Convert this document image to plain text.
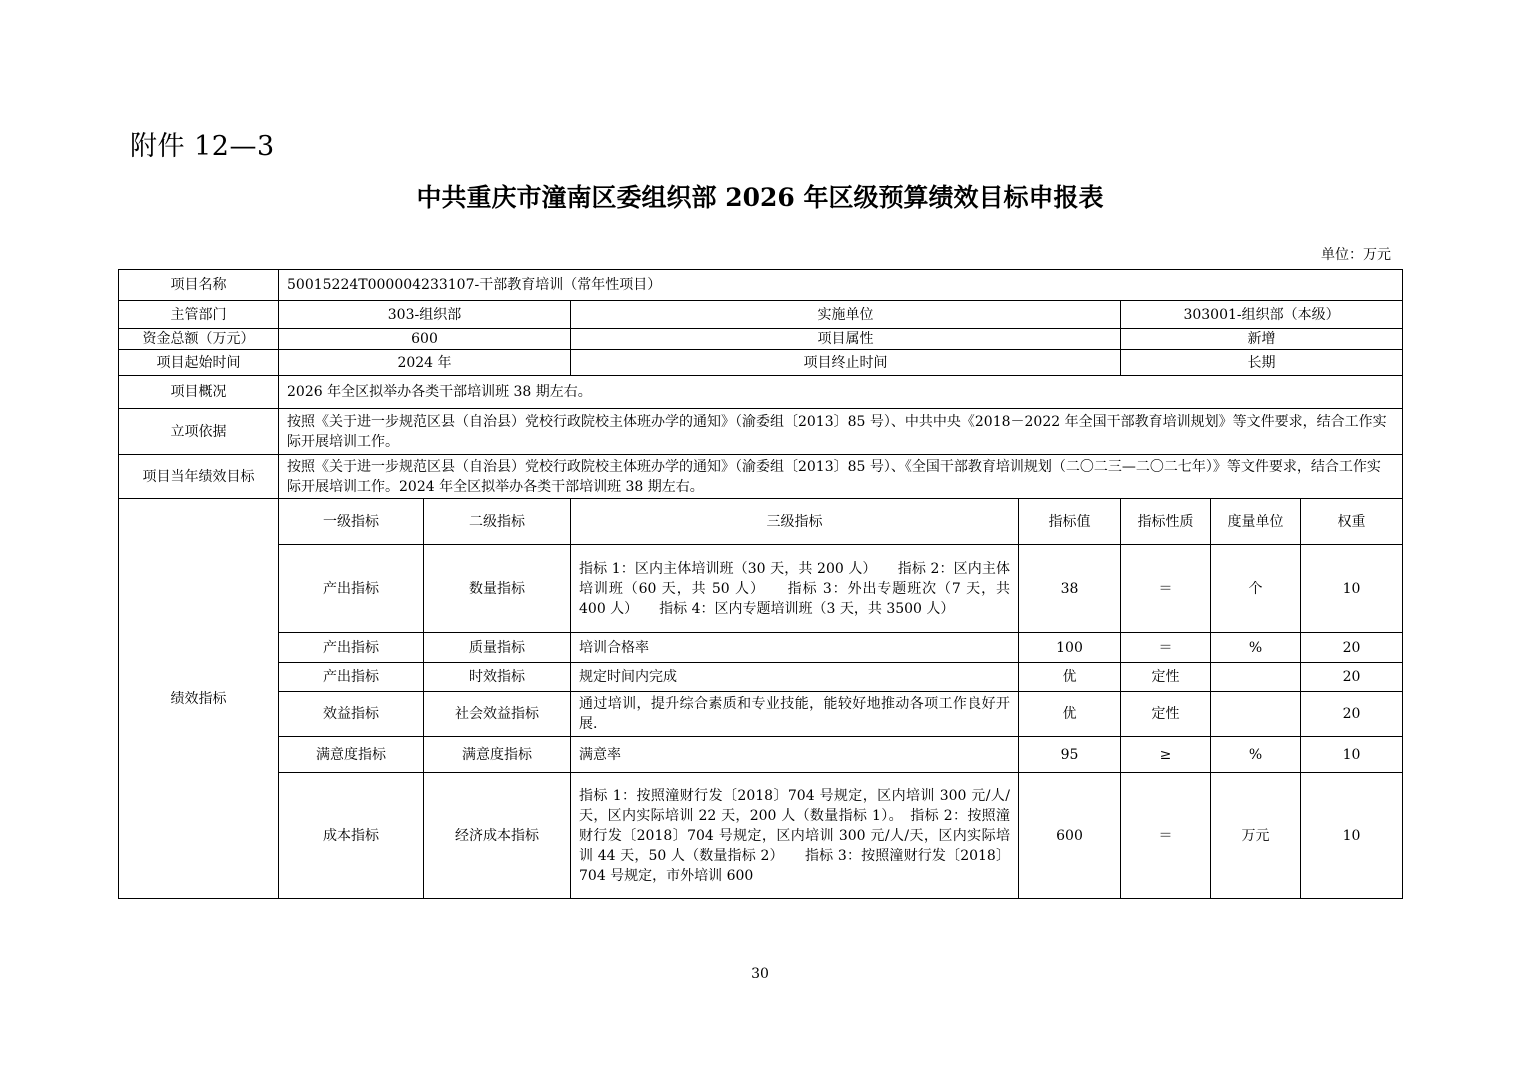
附件 12—3
中共重庆市潼南区委组织部 2026 年区级预算绩效目标申报表
单位：万元
项目名称	50015224T000004233107-干部教育培训（常年性项目）						
主管部门	303-组织部		实施单位		303001-组织部（本级）		
资金总额（万元）	600		项目属性		新增		
项目起始时间	2024 年		项目终止时间		长期		
项目概况	2026 年全区拟举办各类干部培训班 38 期左右。						
立项依据	按照《关于进一步规范区县（自治县）党校行政院校主体班办学的通知》（渝委组〔2013〕85 号）、中共中央《2018－2022 年全国干部教育培训规划》等文件要求，结合工作实际开展培训工作。						
项目当年绩效目标	按照《关于进一步规范区县（自治县）党校行政院校主体班办学的通知》（渝委组〔2013〕85 号）、《全国干部教育培训规划（二〇二三—二〇二七年）》等文件要求，结合工作实际开展培训工作。2024 年全区拟举办各类干部培训班 38 期左右。						
绩效指标	一级指标	二级指标	三级指标	指标值	指标性质	度量单位	权重
	产出指标	数量指标	指标 1：区内主体培训班（30 天，共 200 人）　　指标 2：区内主体培训班（60 天，共 50 人）　　指标 3：外出专题班次（7 天，共 400 人）　　指标 4：区内专题培训班（3 天，共 3500 人）	38	＝	个	10
	产出指标	质量指标	培训合格率	100	＝	%	20
	产出指标	时效指标	规定时间内完成	优	定性		20
	效益指标	社会效益指标	通过培训，提升综合素质和专业技能，能较好地推动各项工作良好开展.	优	定性		20
	满意度指标	满意度指标	满意率	95	≥	%	10
	成本指标	经济成本指标	指标 1：按照潼财行发〔2018〕704 号规定，区内培训 300 元/人/天，区内实际培训 22 天，200 人（数量指标 1）。　指标 2：按照潼财行发〔2018〕704 号规定，区内培训 300 元/人/天，区内实际培训 44 天，50 人（数量指标 2）　　指标 3：按照潼财行发〔2018〕704 号规定，市外培训 600	600	＝	万元	10
30
